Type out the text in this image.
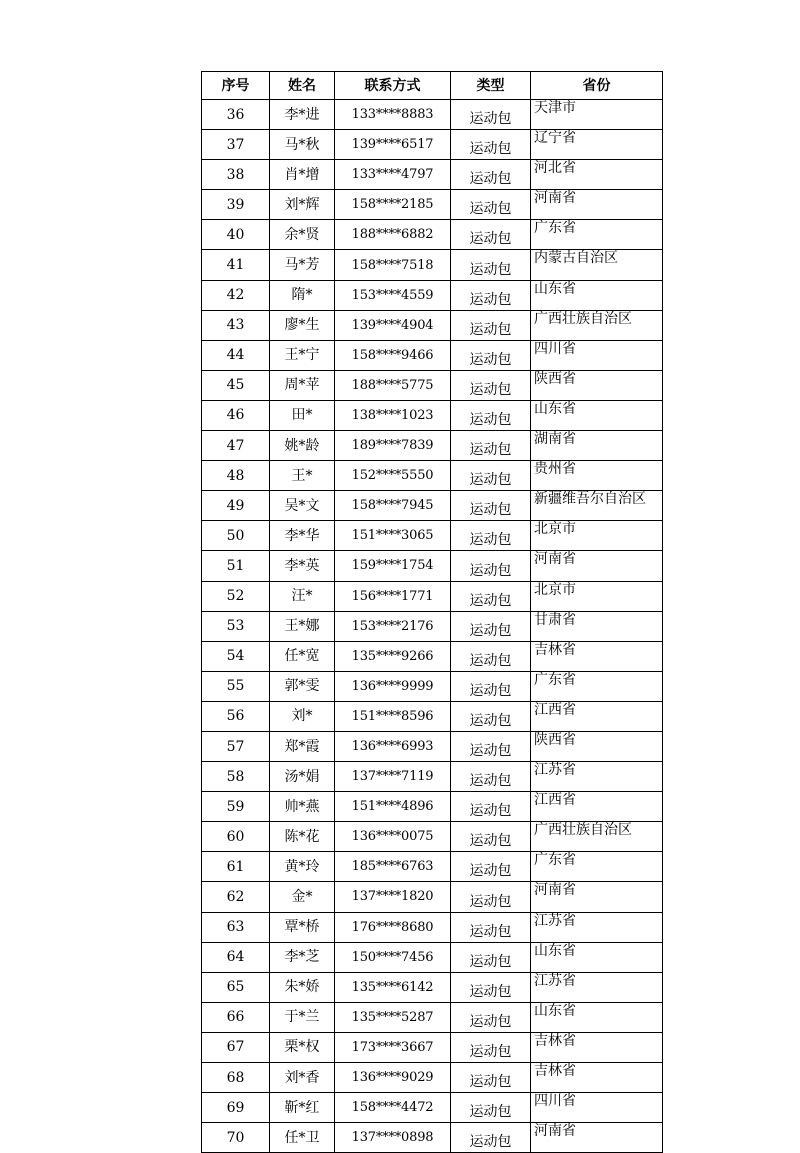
序号	姓名	联系方式	类型	省份
36	李*进	133****8883	运动包	天津市
37	马*秋	139****6517	运动包	辽宁省
38	肖*增	133****4797	运动包	河北省
39	刘*辉	158****2185	运动包	河南省
40	余*贤	188****6882	运动包	广东省
41	马*芳	158****7518	运动包	内蒙古自治区
42	隋*	153****4559	运动包	山东省
43	廖*生	139****4904	运动包	广西壮族自治区
44	王*宁	158****9466	运动包	四川省
45	周*苹	188****5775	运动包	陕西省
46	田*	138****1023	运动包	山东省
47	姚*龄	189****7839	运动包	湖南省
48	王*	152****5550	运动包	贵州省
49	吴*文	158****7945	运动包	新疆维吾尔自治区
50	李*华	151****3065	运动包	北京市
51	李*英	159****1754	运动包	河南省
52	汪*	156****1771	运动包	北京市
53	王*娜	153****2176	运动包	甘肃省
54	任*宽	135****9266	运动包	吉林省
55	郭*雯	136****9999	运动包	广东省
56	刘*	151****8596	运动包	江西省
57	郑*霞	136****6993	运动包	陕西省
58	汤*娟	137****7119	运动包	江苏省
59	帅*燕	151****4896	运动包	江西省
60	陈*花	136****0075	运动包	广西壮族自治区
61	黄*玲	185****6763	运动包	广东省
62	金*	137****1820	运动包	河南省
63	覃*桥	176****8680	运动包	江苏省
64	李*芝	150****7456	运动包	山东省
65	朱*娇	135****6142	运动包	江苏省
66	于*兰	135****5287	运动包	山东省
67	栗*权	173****3667	运动包	吉林省
68	刘*香	136****9029	运动包	吉林省
69	靳*红	158****4472	运动包	四川省
70	任*卫	137****0898	运动包	河南省
